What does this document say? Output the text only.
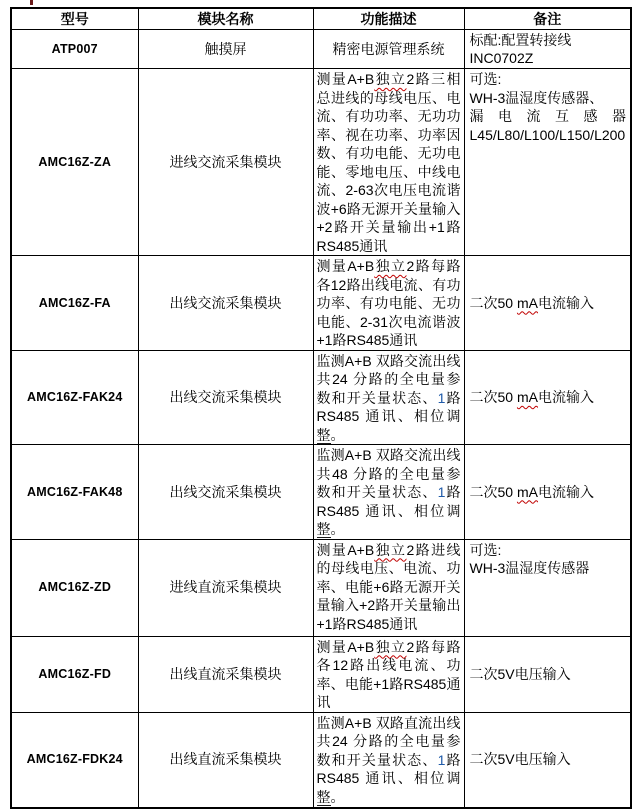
型号	模块名称	功能描述	备注
ATP007	触摸屏	精密电源管理系统	标配:配置转接线
INC0702Z

AMC16Z-ZA	进线交流采集模块	测量A+B独立2路三相总进线的母线电压、电流、有功功率、无功功率、视在功率、功率因数、有功电能、无功电能、零地电压、中线电流、2-63次电压电流谐波+6路无源开关量输入+2路开关量输出+1路RS485通讯	可选:
WH-3温湿度传感器、
漏电流互感器
L45/L80/L100/L150/L200

AMC16Z-FA	出线交流采集模块	测量A+B独立2路每路各12路出线电流、有功功率、有功电能、无功电能、2-31次电流谐波+1路RS485通讯	二次50 mA电流输入
AMC16Z-FAK24	出线交流采集模块	监测A+B 双路交流出线共24 分路的全电量参数和开关量状态、1路RS485 通讯、相位调整。	二次50 mA电流输入
AMC16Z-FAK48	出线交流采集模块	监测A+B 双路交流出线共48 分路的全电量参数和开关量状态、1路RS485 通讯、相位调整。	二次50 mA电流输入
AMC16Z-ZD	进线直流采集模块	测量A+B独立2路进线的母线电压、电流、功率、电能+6路无源开关量输入+2路开关量输出+1路RS485通讯	可选:
WH-3温湿度传感器

AMC16Z-FD	出线直流采集模块	测量A+B独立2路每路各12路出线电流、功率、电能+1路RS485通讯	二次5V电压输入
AMC16Z-FDK24	出线直流采集模块	监测A+B 双路直流出线共24 分路的全电量参数和开关量状态、1路RS485 通讯、相位调整。	二次5V电压输入
